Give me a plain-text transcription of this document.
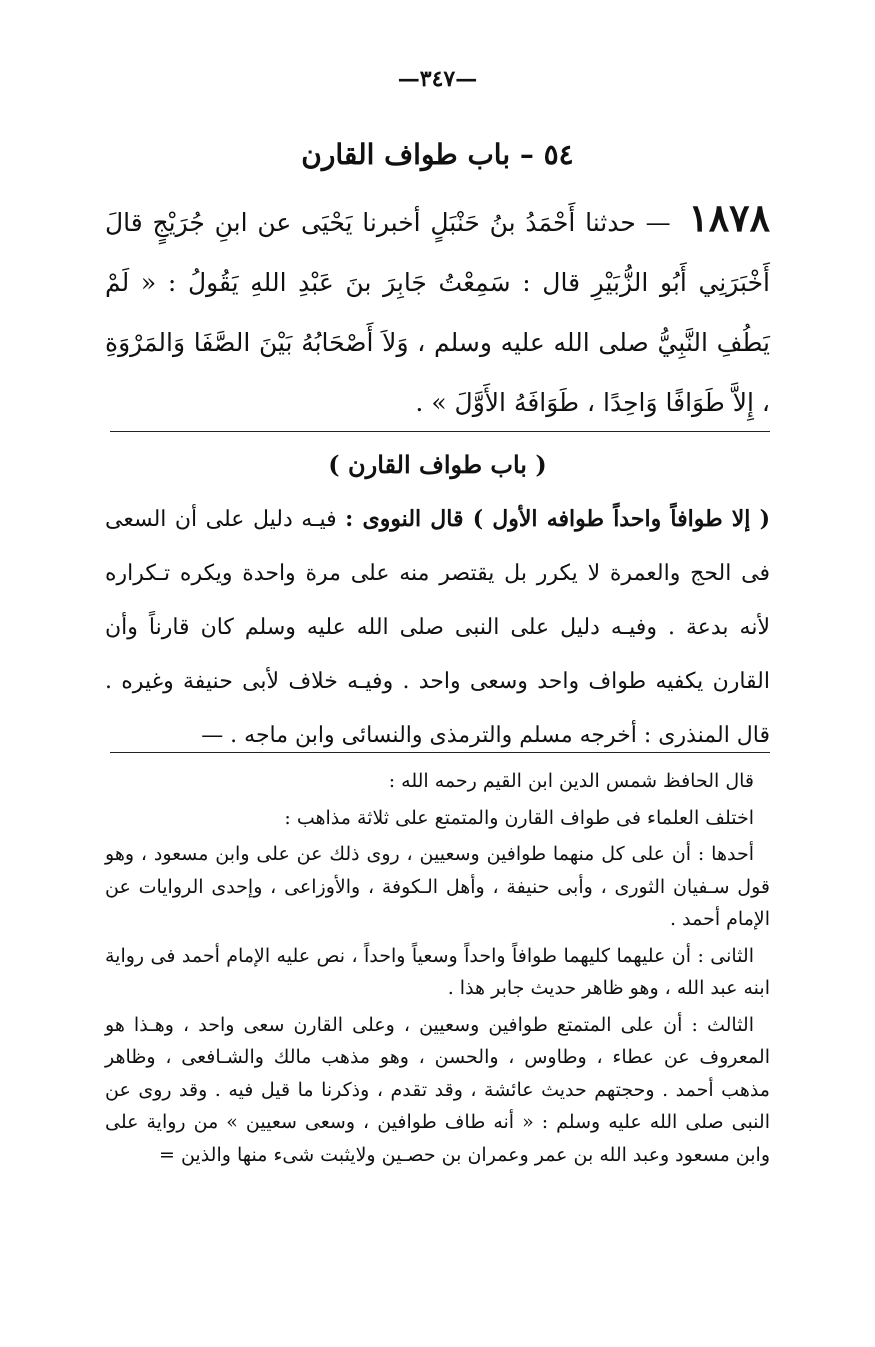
—٣٤٧—
٥٤ – باب طواف القارن
١٨٧٨ — حدثنا أَحْمَدُ بنُ حَنْبَلٍ أخبرنا يَحْيَى عن ابنِ جُرَيْجٍ قالَ أَخْبَرَنِي أَبُو الزُّبَيْرِ قال : سَمِعْتُ جَابِرَ بنَ عَبْدِ اللهِ يَقُولُ : « لَمْ يَطُفِ النَّبِيُّ صلى الله عليه وسلم ، وَلاَ أَصْحَابُهُ بَيْنَ الصَّفَا وَالمَرْوَةِ ، إِلاَّ طَوَافًا وَاحِدًا ، طَوَافَهُ الأَوَّلَ » .
( باب طواف القارن )
( إلا طوافاً واحداً طوافه الأول ) قال النووى : فيـه دليل على أن السعى فى الحج والعمرة لا يكرر بل يقتصر منه على مرة واحدة ويكره تـكراره لأنه بدعة . وفيـه دليل على النبى صلى الله عليه وسلم كان قارناً وأن القارن يكفيه طواف واحد وسعى واحد . وفيـه خلاف لأبى حنيفة وغيره . قال المنذرى : أخرجه مسلم والترمذى والنسائى وابن ماجه . —

قال الحافظ شمس الدين ابن القيم رحمه الله :

اختلف العلماء فى طواف القارن والمتمتع على ثلاثة مذاهب :

أحدها : أن على كل منهما طوافين وسعيين ، روى ذلك عن على وابن مسعود ، وهو قول سـفيان الثورى ، وأبى حنيفة ، وأهل الـكوفة ، والأوزاعى ، وإحدى الروايات عن الإمام أحمد .

الثانى : أن عليهما كليهما طوافاً واحداً وسعياً واحداً ، نص عليه الإمام أحمد فى رواية ابنه عبد الله ، وهو ظاهر حديث جابر هذا .

الثالث : أن على المتمتع طوافين وسعيين ، وعلى القارن سعى واحد ، وهـذا هو المعروف عن عطاء ، وطاوس ، والحسن ، وهو مذهب مالك والشـافعى ، وظاهر مذهب أحمد . وحجتهم حديث عائشة ، وقد تقدم ، وذكرنا ما قيل فيه . وقد روى عن النبى صلى الله عليه وسلم : « أنه طاف طوافين ، وسعى سعيين » من رواية على وابن مسعود وعبد الله بن عمر وعمران بن حصـين ولايثبت شىء منها والذين =
